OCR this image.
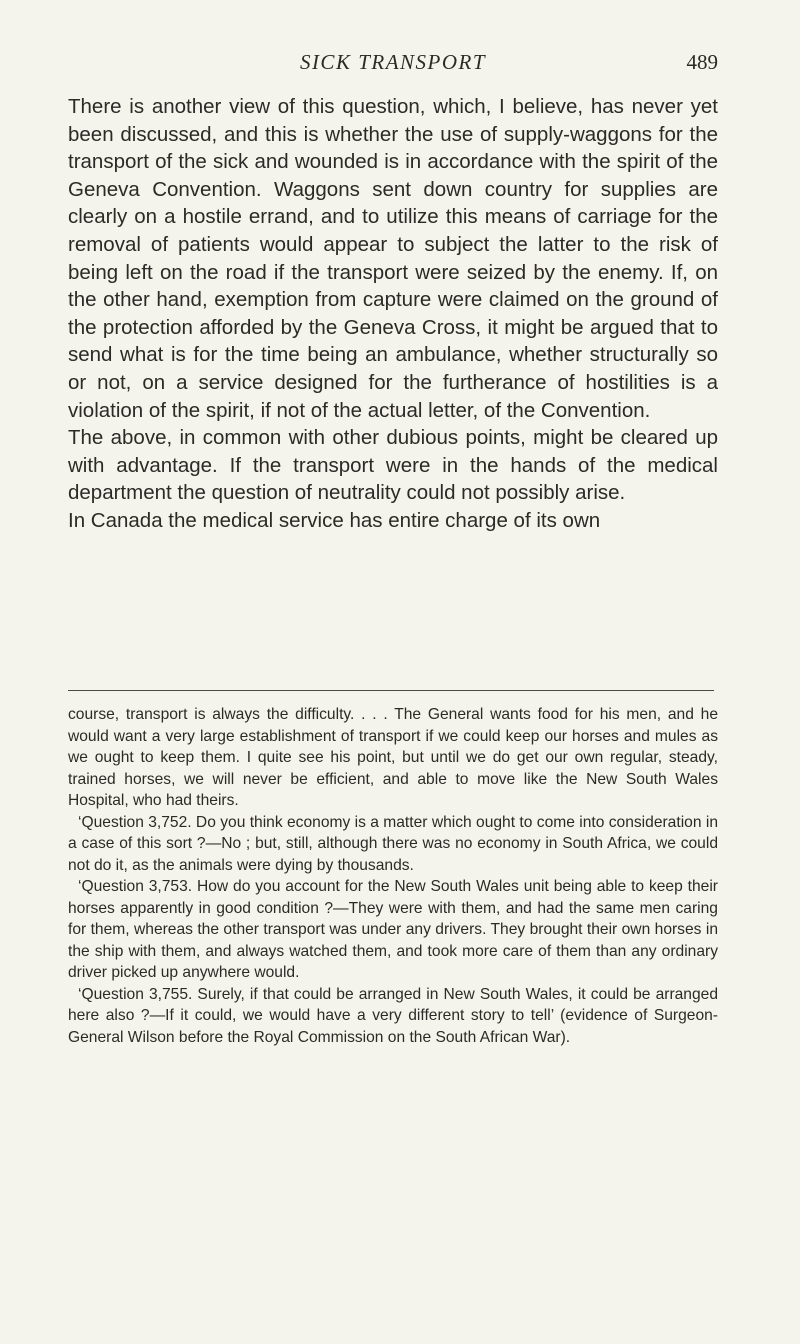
SICK TRANSPORT	489

There is another view of this question, which, I believe, has never yet been discussed, and this is whether the use of supply-waggons for the transport of the sick and wounded is in accordance with the spirit of the Geneva Convention. Waggons sent down country for supplies are clearly on a hostile errand, and to utilize this means of carriage for the removal of patients would appear to subject the latter to the risk of being left on the road if the transport were seized by the enemy. If, on the other hand, exemption from capture were claimed on the ground of the protection afforded by the Geneva Cross, it might be argued that to send what is for the time being an ambulance, whether structurally so or not, on a service designed for the furtherance of hostilities is a violation of the spirit, if not of the actual letter, of the Convention.

The above, in common with other dubious points, might be cleared up with advantage. If the transport were in the hands of the medical department the question of neutrality could not possibly arise.

In Canada the medical service has entire charge of its own

course, transport is always the difficulty. . . . The General wants food for his men, and he would want a very large establishment of transport if we could keep our horses and mules as we ought to keep them. I quite see his point, but until we do get our own regular, steady, trained horses, we will never be efficient, and able to move like the New South Wales Hospital, who had theirs.

‘Question 3,752. Do you think economy is a matter which ought to come into consideration in a case of this sort ?—No ; but, still, although there was no economy in South Africa, we could not do it, as the animals were dying by thousands.

‘Question 3,753. How do you account for the New South Wales unit being able to keep their horses apparently in good condition ?—They were with them, and had the same men caring for them, whereas the other transport was under any drivers. They brought their own horses in the ship with them, and always watched them, and took more care of them than any ordinary driver picked up anywhere would.

‘Question 3,755. Surely, if that could be arranged in New South Wales, it could be arranged here also ?—If it could, we would have a very different story to tell’ (evidence of Surgeon-General Wilson before the Royal Commission on the South African War).
